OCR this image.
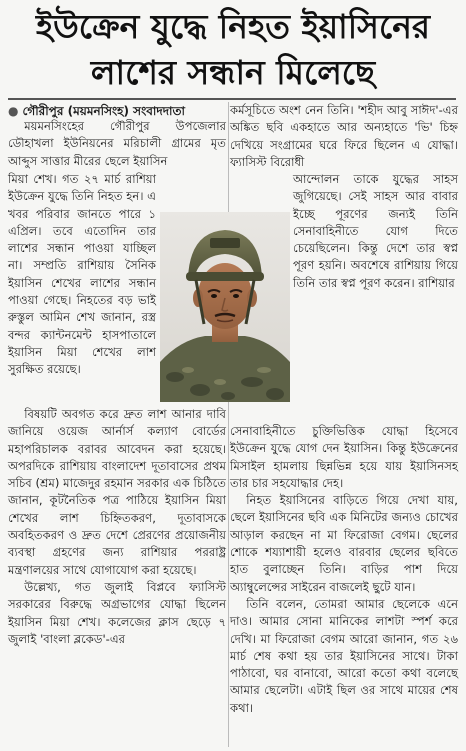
ইউক্রেন যুদ্ধে নিহত ইয়াসিনের
লাশের সন্ধান মিলেছে
● গৌরীপুর (ময়মনসিংহ) সংবাদদাতা

ময়মনসিংহের গৌরীপুর উপজেলার ডৌহাখলা ইউনিয়নের মরিচালী গ্রামের মৃত আব্দুস সাত্তার মীরের ছেলে ইয়াসিন

মিয়া শেখ। গত ২৭ মার্চ রাশিয়া ইউক্রেন যুদ্ধে তিনি নিহত হন। এ খবর পরিবার জানতে পারে ১ এপ্রিল। তবে এতোদিন তার লাশের সন্ধান পাওয়া যাচ্ছিল না। সম্প্রতি রাশিয়ায় সৈনিক ইয়াসিন শেখের লাশের সন্ধান পাওয়া গেছে। নিহতের বড় ভাই রুস্তুল আমিন শেখ জানান, রস্ত্র বন্দর ক্যান্টনমেন্ট হাসপাতালে ইয়াসিন মিয়া শেখের লাশ সুরক্ষিত রয়েছে।

বিষয়টি অবগত করে দ্রুত লাশ আনার দাবি জানিয়ে ওয়েজ আর্নার্স কল্যাণ বোর্ডের মহাপরিচালক বরাবর আবেদন করা হয়েছে। অপরদিকে রাশিয়ায় বাংলাদেশ দূতাবাসের প্রথম সচিব (শ্রম) মাজেদুর রহমান সরকার এক চিঠিতে জানান, কূটনৈতিক পত্র পাঠিয়ে ইয়াসিন মিয়া শেখের লাশ চিহ্নিতকরণ, দূতাবাসকে অবহিতকরণ ও দ্রুত দেশে প্রেরণের প্রয়োজনীয় ব্যবস্থা গ্রহণের জন্য রাশিয়ার পররাষ্ট্র মন্ত্রণালয়ের সাথে যোগাযোগ করা হয়েছে।

উল্লেখ্য, গত জুলাই বিপ্লবে ফ্যাসিস্ট সরকারের বিরুদ্ধে অগ্রভাগের যোদ্ধা ছিলেন ইয়াসিন মিয়া শেখ। কলেজের ক্লাস ছেড়ে ৭ জুলাই 'বাংলা ব্লকেড'-এর

কর্মসূচিতে অংশ নেন তিনি। 'শহীদ আবু সাঈদ'-এর অঙ্কিত ছবি একহাতে আর অন্যহাতে 'ভি' চিহ্ন দেখিয়ে সংগ্রামের ঘরে ফিরে ছিলেন এ যোদ্ধা। ফ্যাসিস্ট বিরোধী

আন্দোলন তাকে যুদ্ধের সাহস জুগিয়েছে। সেই সাহস আর বাবার ইচ্ছে পূরণের জন্যই তিনি সেনাবাহিনীতে যোগ দিতে চেয়েছিলেন। কিন্তু দেশে তার স্বপ্ন পূরণ হয়নি। অবশেষে রাশিয়ায় গিয়ে তিনি তার স্বপ্ন পূরণ করেন। রাশিয়ার

সেনাবাহিনীতে চুক্তিভিত্তিক যোদ্ধা হিসেবে ইউক্রেন যুদ্ধে যোগ দেন ইয়াসিন। কিন্তু ইউক্রেনের মিসাইল হামলায় ছিন্নভিন্ন হয়ে যায় ইয়াসিনসহ তার চার সহযোদ্ধার দেহ।

নিহত ইয়াসিনের বাড়িতে গিয়ে দেখা যায়, ছেলে ইয়াসিনের ছবি এক মিনিটের জন্যও চোখের আড়াল করছেন না মা ফিরোজা বেগম। ছেলের শোকে শয্যাশায়ী হলেও বারবার ছেলের ছবিতে হাত বুলাচ্ছেন তিনি। বাড়ির পাশ দিয়ে অ্যাম্বুলেন্সের সাইরেন বাজলেই ছুটে যান।

তিনি বলেন, তোমরা আমার ছেলেকে এনে দাও। আমার সোনা মানিকের লাশটা স্পর্শ করে দেখি। মা ফিরোজা বেগম আরো জানান, গত ২৬ মার্চ শেষ কথা হয় তার ইয়াসিনের সাথে। টাকা পাঠাবো, ঘর বানাবো, আরো কতো কথা বলেছে আমার ছেলেটা। এটাই ছিল ওর সাথে মায়ের শেষ কথা।
